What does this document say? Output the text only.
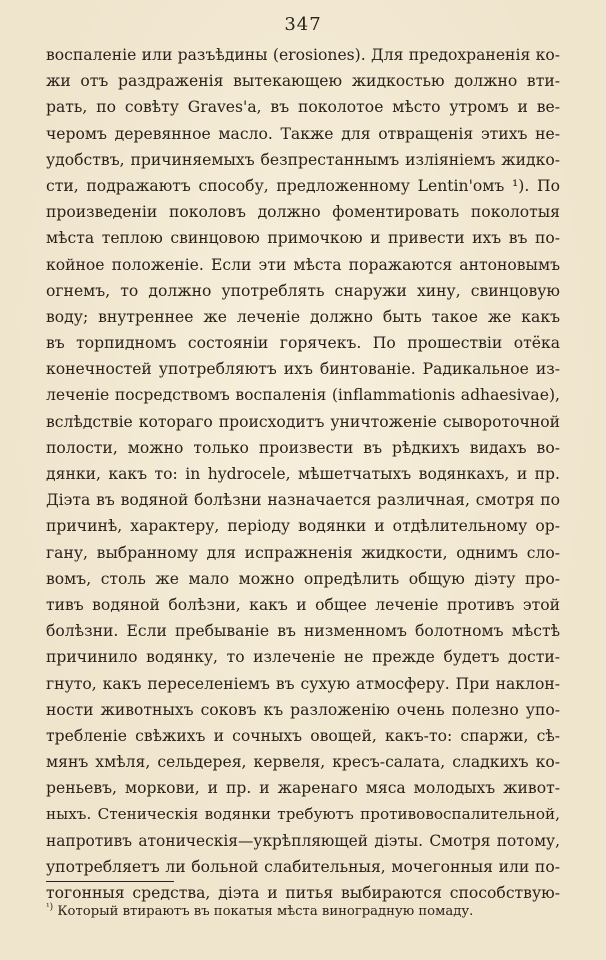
347
воспаленіе или разъѣдины (erosiones). Для предохраненія ко-
жи отъ раздраженія вытекающею жидкостью должно вти-
рать, по совѣту Graves'а, въ поколотое мѣсто утромъ и ве-
черомъ деревянное масло. Также для отвращенія этихъ не-
удобствъ, причиняемыхъ безпрестаннымъ изліяніемъ жидко-
сти, подражаютъ способу, предложенному Lentin'омъ ¹). По
произведеніи поколовъ должно фоментировать поколотыя
мѣста теплою свинцовою примочкою и привести ихъ въ по-
койное положеніе. Если эти мѣста поражаются антоновымъ
огнемъ, то должно употреблять снаружи хину, свинцовую
воду; внутреннее же леченіе должно быть такое же какъ
въ торпидномъ состояніи горячекъ. По прошествіи отёка
конечностей употребляютъ ихъ бинтованіе. Радикальное из-
леченіе посредствомъ воспаленія (inflammationis adhaesivae),
вслѣдствіе котораго происходитъ уничтоженіе сывороточной
полости, можно только произвести въ рѣдкихъ видахъ во-
дянки, какъ то: in hydrocele, мѣшетчатыхъ водянкахъ, и пр.
Діэта въ водяной болѣзни назначается различная, смотря по
причинѣ, характеру, періоду водянки и отдѣлительному ор-
гану, выбранному для испражненія жидкости, однимъ сло-
вомъ, столь же мало можно опредѣлить общую діэту про-
тивъ водяной болѣзни, какъ и общее леченіе противъ этой
болѣзни. Если пребываніе въ низменномъ болотномъ мѣстѣ
причинило водянку, то излеченіе не прежде будетъ дости-
гнуто, какъ переселеніемъ въ сухую атмосферу. При наклон-
ности животныхъ соковъ къ разложенію очень полезно упо-
требленіе свѣжихъ и сочныхъ овощей, какъ-то: спаржи, сѣ-
мянъ хмѣля, сельдерея, кервеля, кресъ-салата, сладкихъ ко-
реньевъ, моркови, и пр. и жаренаго мяса молодыхъ живот-
ныхъ. Стеническія водянки требуютъ противовоспалительной,
напротивъ атоническія—укрѣпляющей діэты. Смотря потому,
употребляетъ ли больной слабительныя, мочегонныя или по-
тогонныя средства, діэта и питья выбираются способствую-
$^{^1)}$ Который втираютъ въ покатыя мѣста виноградную помаду.
